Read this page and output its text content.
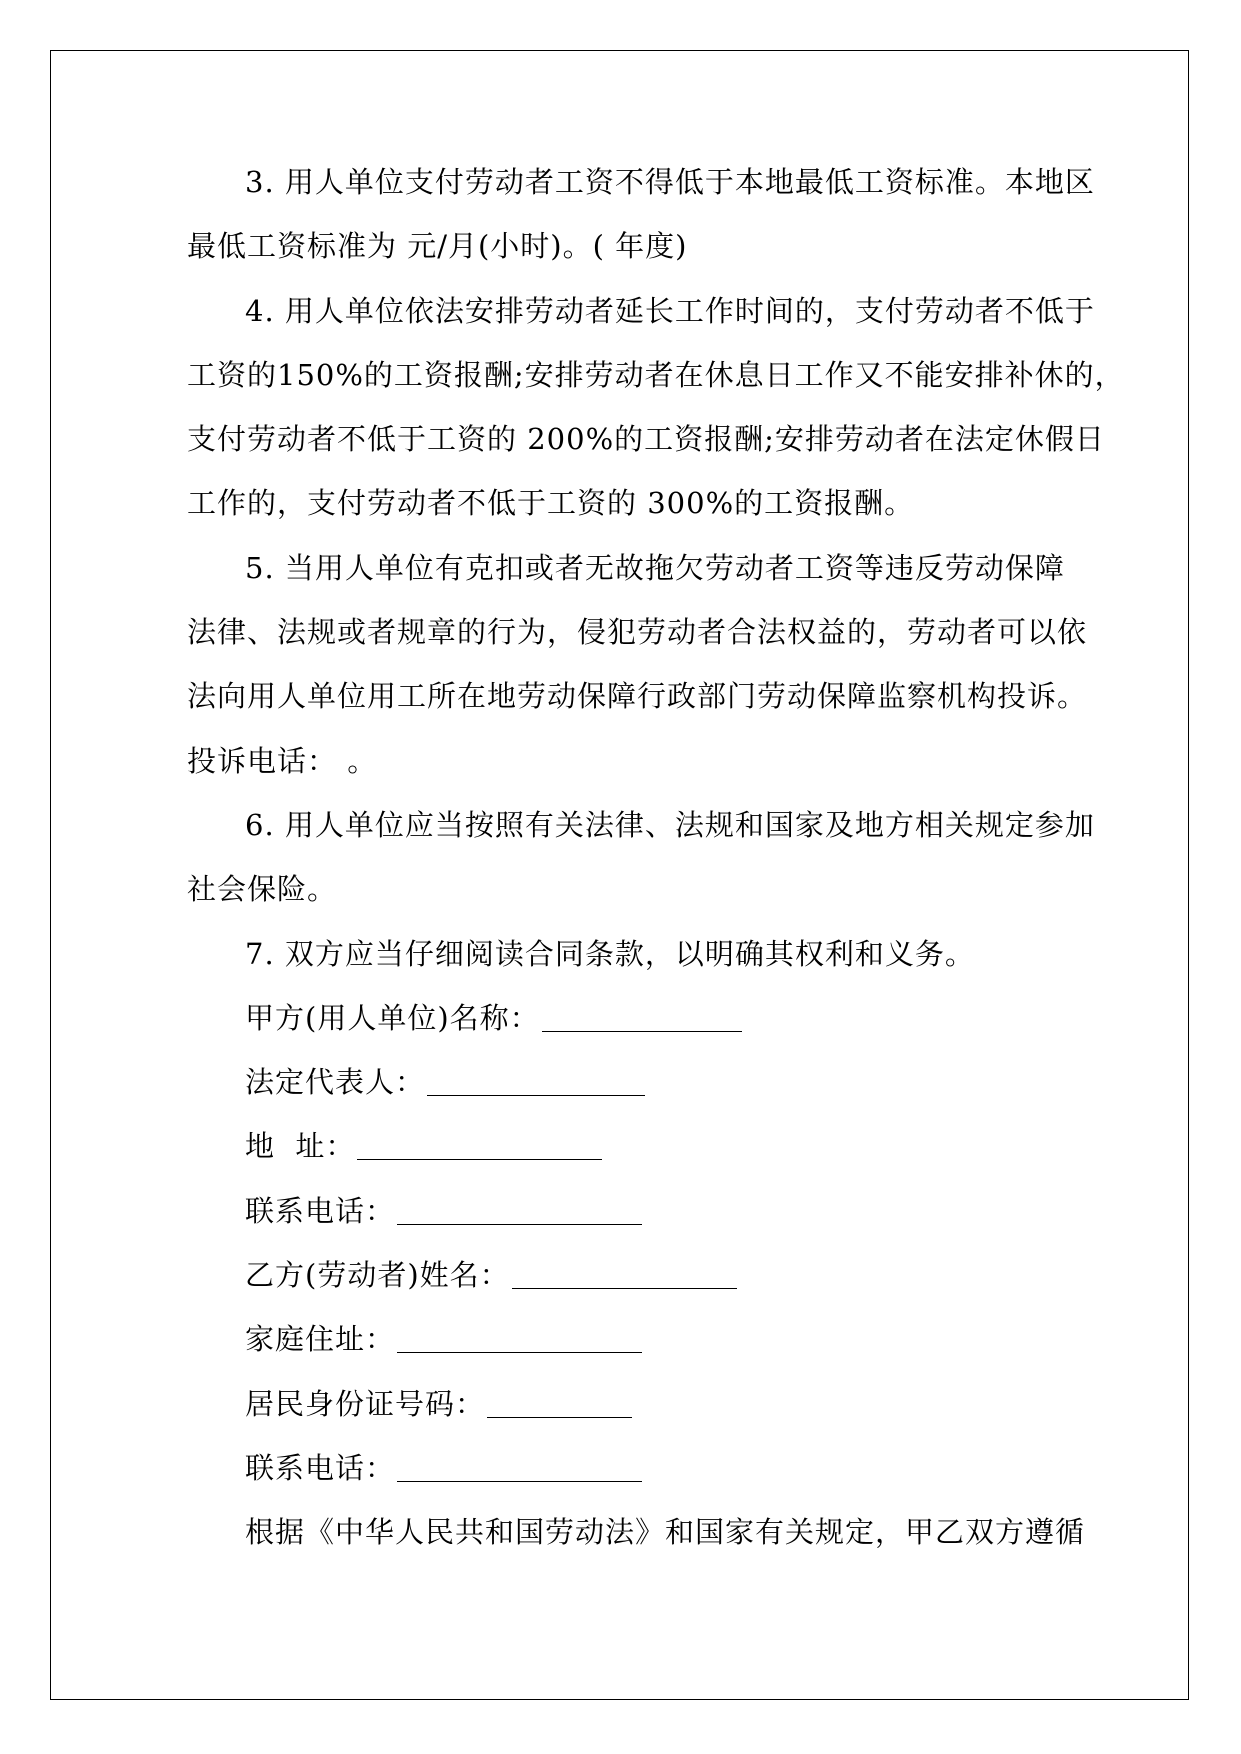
3. 用人单位支付劳动者工资不得低于本地最低工资标准。本地区
最低工资标准为 元/月(小时)。( 年度)
4. 用人单位依法安排劳动者延长工作时间的，支付劳动者不低于
工资的150%的工资报酬;安排劳动者在休息日工作又不能安排补休的，
支付劳动者不低于工资的 200%的工资报酬;安排劳动者在法定休假日
工作的，支付劳动者不低于工资的 300%的工资报酬。
5. 当用人单位有克扣或者无故拖欠劳动者工资等违反劳动保障
法律、法规或者规章的行为，侵犯劳动者合法权益的，劳动者可以依
法向用人单位用工所在地劳动保障行政部门劳动保障监察机构投诉。
投诉电话： 。
6. 用人单位应当按照有关法律、法规和国家及地方相关规定参加
社会保险。
7. 双方应当仔细阅读合同条款，以明确其权利和义务。
甲方(用人单位)名称：
法定代表人：
地  址：
联系电话：
乙方(劳动者)姓名：
家庭住址：
居民身份证号码：
联系电话：
根据《中华人民共和国劳动法》和国家有关规定，甲乙双方遵循
